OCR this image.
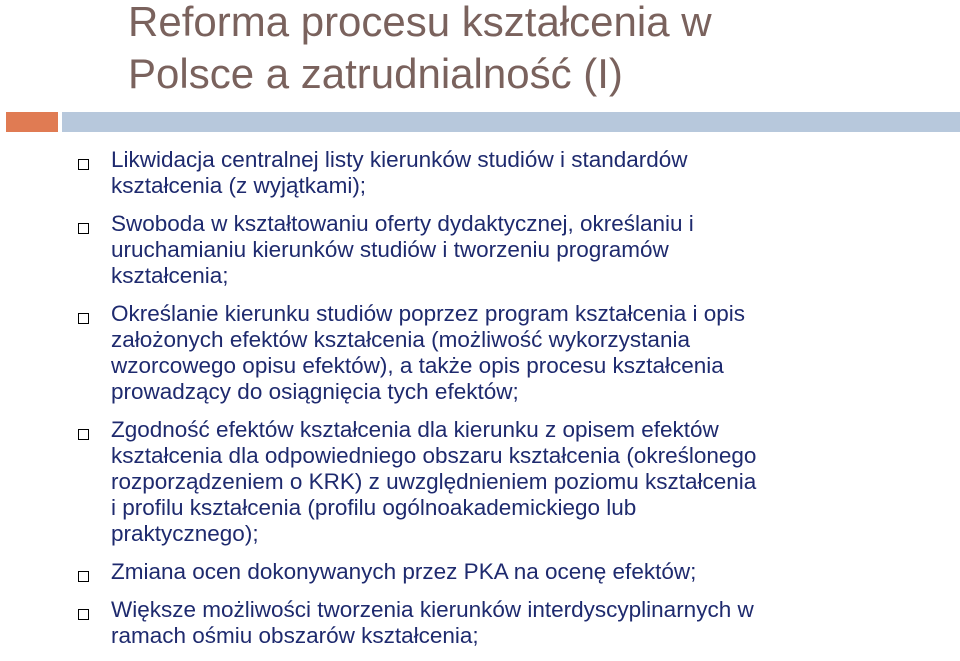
Reforma procesu kształcenia w
Polsce a zatrudnialność (I)
Likwidacja centralnej listy kierunków studiów i standardów
kształcenia (z wyjątkami);
Swoboda w kształtowaniu oferty dydaktycznej, określaniu i
uruchamianiu kierunków studiów i tworzeniu programów
kształcenia;
Określanie kierunku studiów poprzez program kształcenia i opis
założonych efektów kształcenia (możliwość wykorzystania
wzorcowego opisu efektów), a także opis procesu kształcenia
prowadzący do osiągnięcia tych efektów;
Zgodność efektów kształcenia dla kierunku z opisem efektów
kształcenia dla odpowiedniego obszaru kształcenia (określonego
rozporządzeniem o KRK) z uwzględnieniem poziomu kształcenia
i profilu kształcenia (profilu ogólnoakademickiego lub
praktycznego);
Zmiana ocen dokonywanych przez PKA na ocenę efektów;
Większe możliwości tworzenia kierunków interdyscyplinarnych w
ramach ośmiu obszarów kształcenia;
